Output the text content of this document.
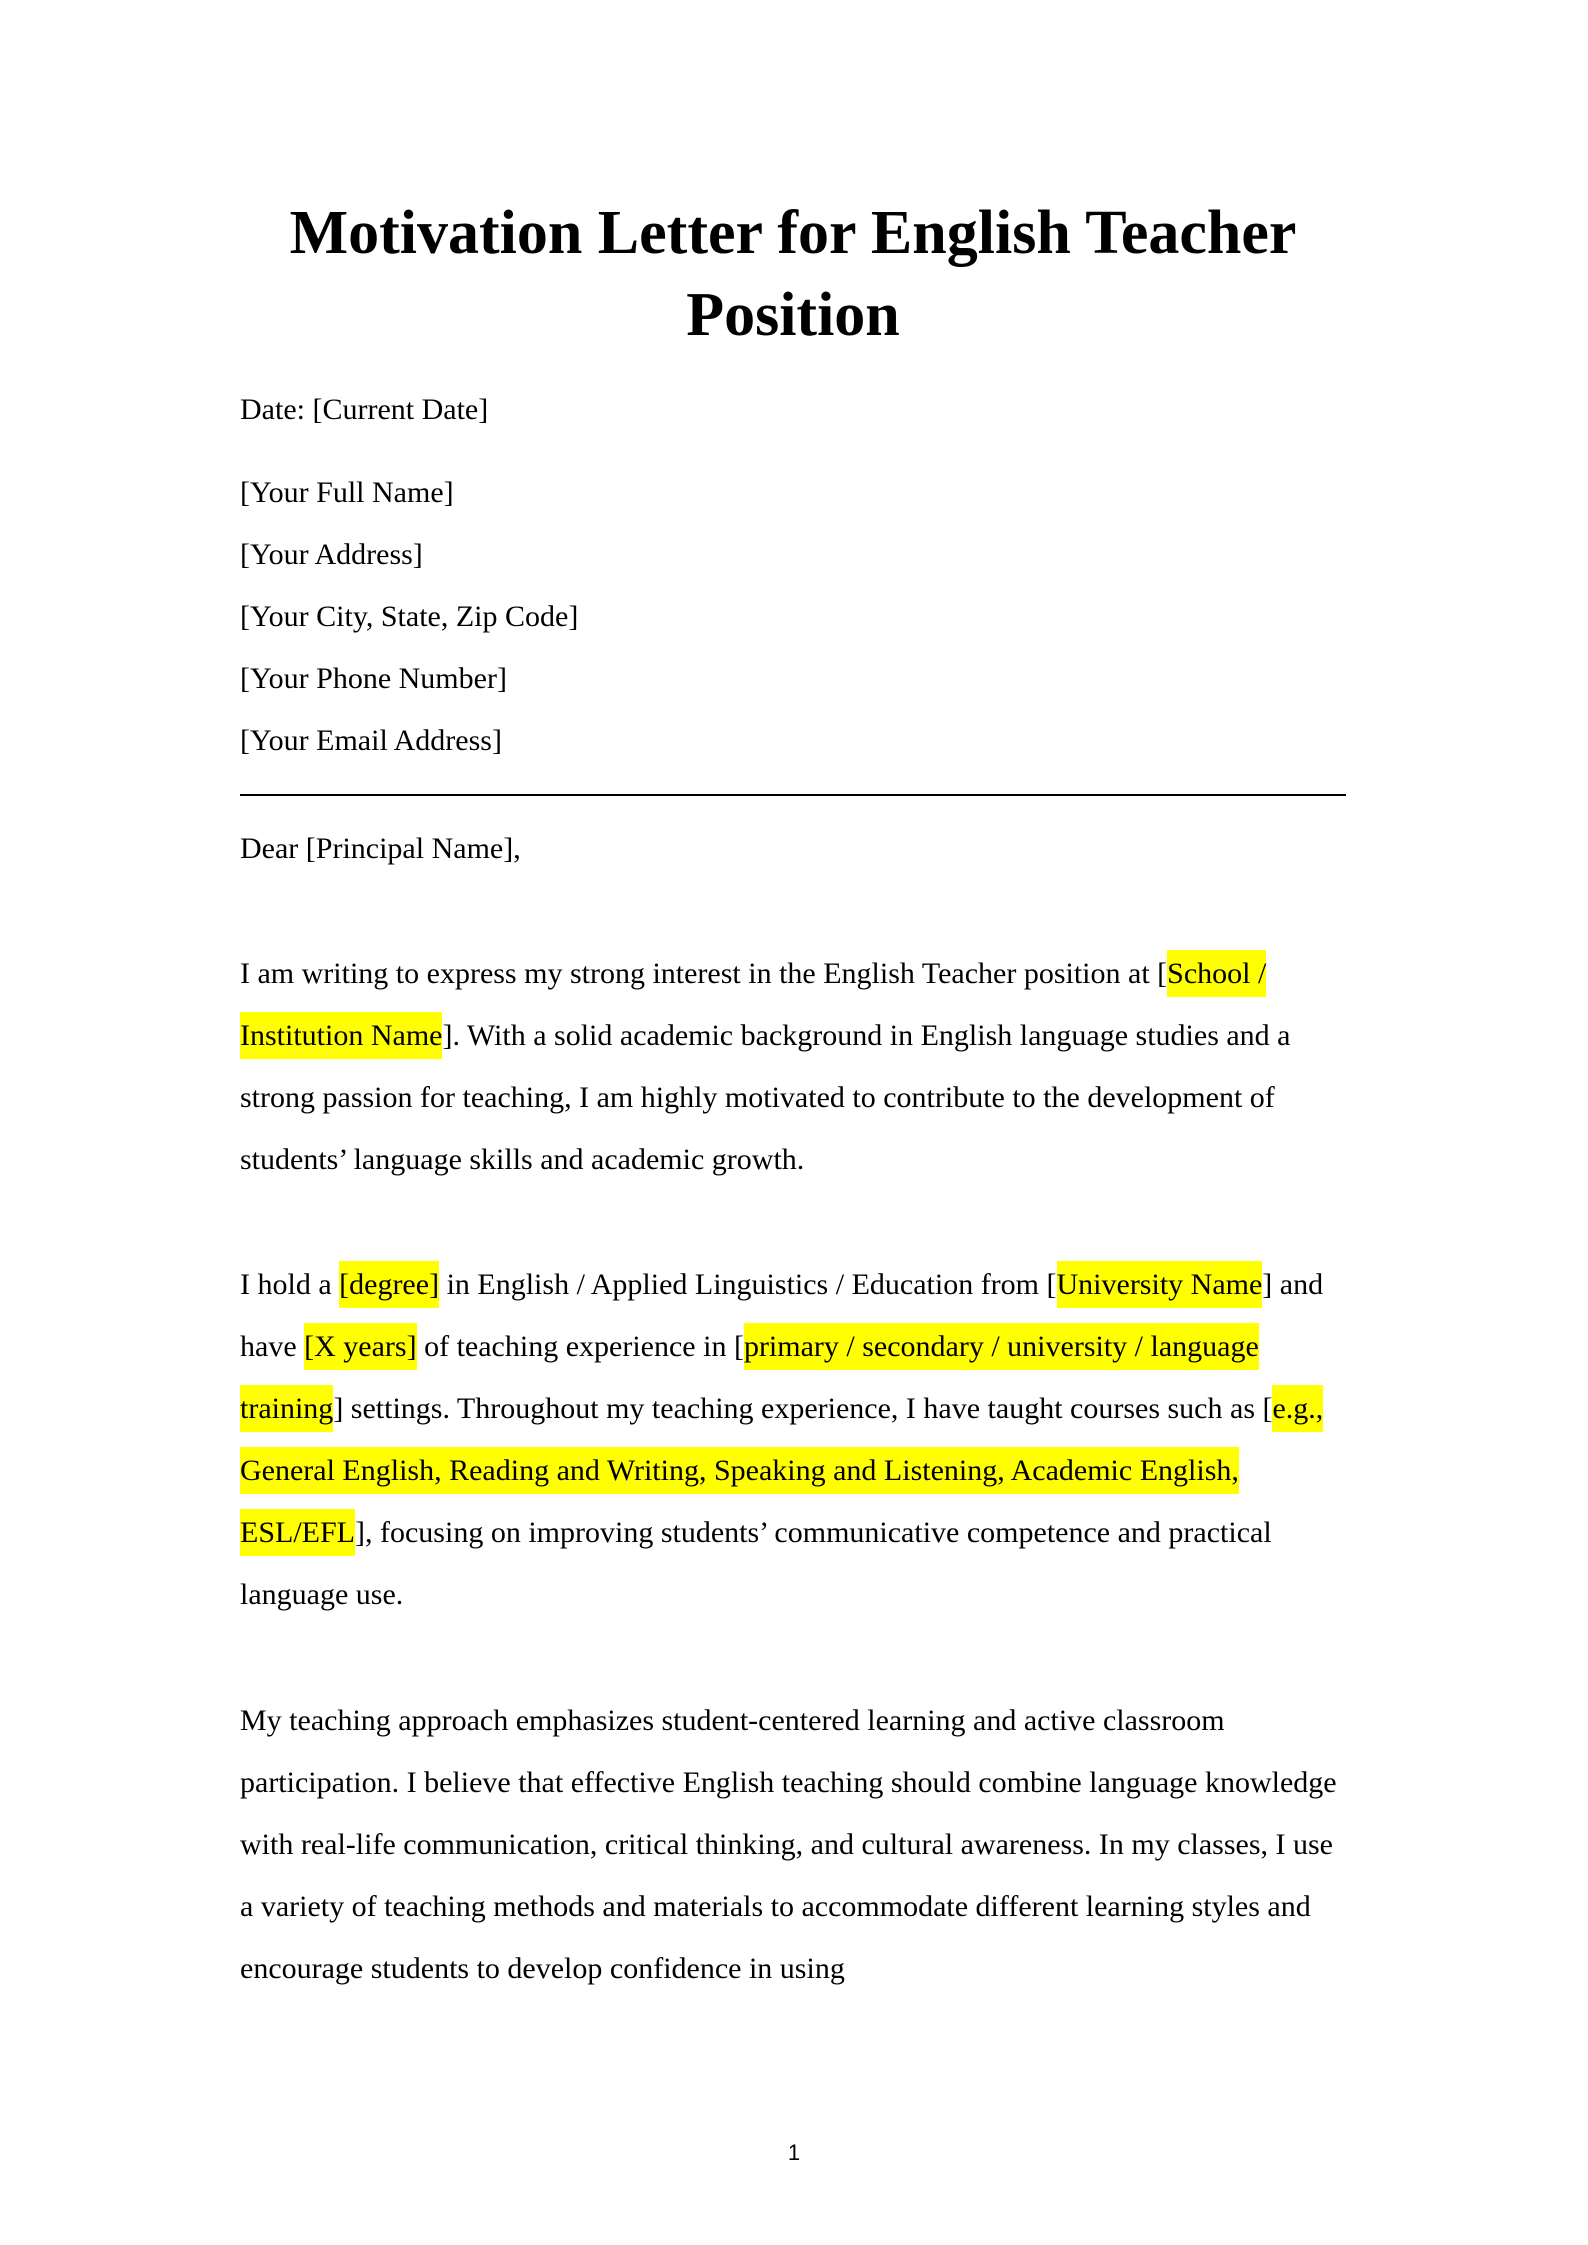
Motivation Letter for English Teacher Position
Date: [Current Date]
[Your Full Name]
[Your Address]
[Your City, State, Zip Code]
[Your Phone Number]
[Your Email Address]
Dear [Principal Name],

I am writing to express my strong interest in the English Teacher position at [School / Institution Name]. With a solid academic background in English language studies and a strong passion for teaching, I am highly motivated to contribute to the development of students’ language skills and academic growth.

I hold a [degree] in English / Applied Linguistics / Education from [University Name] and have [X years] of teaching experience in [primary / secondary / university / language training] settings. Throughout my teaching experience, I have taught courses such as [e.g., General English, Reading and Writing, Speaking and Listening, Academic English, ESL/EFL], focusing on improving students’ communicative competence and practical language use.

My teaching approach emphasizes student-centered learning and active classroom participation. I believe that effective English teaching should combine language knowledge with real-life communication, critical thinking, and cultural awareness. In my classes, I use a variety of teaching methods and materials to accommodate different learning styles and encourage students to develop confidence in using

1
